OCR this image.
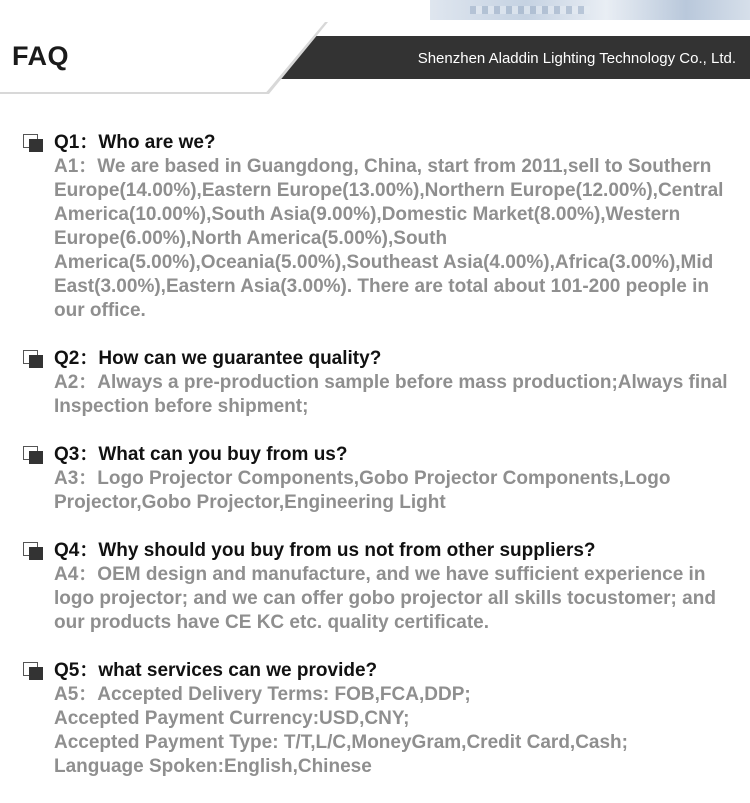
FAQ	Shenzhen Aladdin Lighting Technology Co., Ltd.
Q1：Who are we?
A1：We are based in Guangdong, China, start from 2011,sell to Southern Europe(14.00%),Eastern Europe(13.00%),Northern Europe(12.00%),Central America(10.00%),South Asia(9.00%),Domestic Market(8.00%),Western Europe(6.00%),North America(5.00%),South America(5.00%),Oceania(5.00%),Southeast Asia(4.00%),Africa(3.00%),Mid East(3.00%),Eastern Asia(3.00%). There are total about 101-200 people in our office.
Q2：How can we guarantee quality?
A2：Always a pre-production sample before mass production;Always final Inspection before shipment;
Q3：What can you buy from us?
A3：Logo Projector Components,Gobo Projector Components,Logo Projector,Gobo Projector,Engineering Light
Q4：Why should you buy from us not from other suppliers?
A4：OEM design and manufacture, and we have sufficient experience in logo projector; and we can offer gobo projector all skills tocustomer; and our products have CE KC etc. quality certificate.
Q5：what services can we provide?
A5：Accepted Delivery Terms: FOB,FCA,DDP;
Accepted Payment Currency:USD,CNY;
Accepted Payment Type: T/T,L/C,MoneyGram,Credit Card,Cash;
Language Spoken:English,Chinese
